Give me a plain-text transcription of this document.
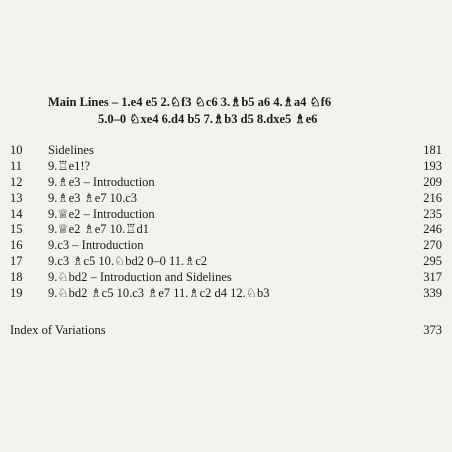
Main Lines – 1.e4 e5 2.♘f3 ♘c6 3.♗b5 a6 4.♗a4 ♘f6
5.0–0 ♘xe4 6.d4 b5 7.♗b3 d5 8.dxe5 ♗e6
10 Sidelines	181
11 9.♖e1!?	193
12 9.♗e3 – Introduction	209
13 9.♗e3 ♗e7 10.c3	216
14 9.♕e2 – Introduction	235
15 9.♕e2 ♗e7 10.♖d1	246
16 9.c3 – Introduction	270
17 9.c3 ♗c5 10.♘bd2 0–0 11.♗c2	295
18 9.♘bd2 – Introduction and Sidelines	317
19 9.♘bd2 ♗c5 10.c3 ♗e7 11.♗c2 d4 12.♘b3	339
Index of Variations	373
